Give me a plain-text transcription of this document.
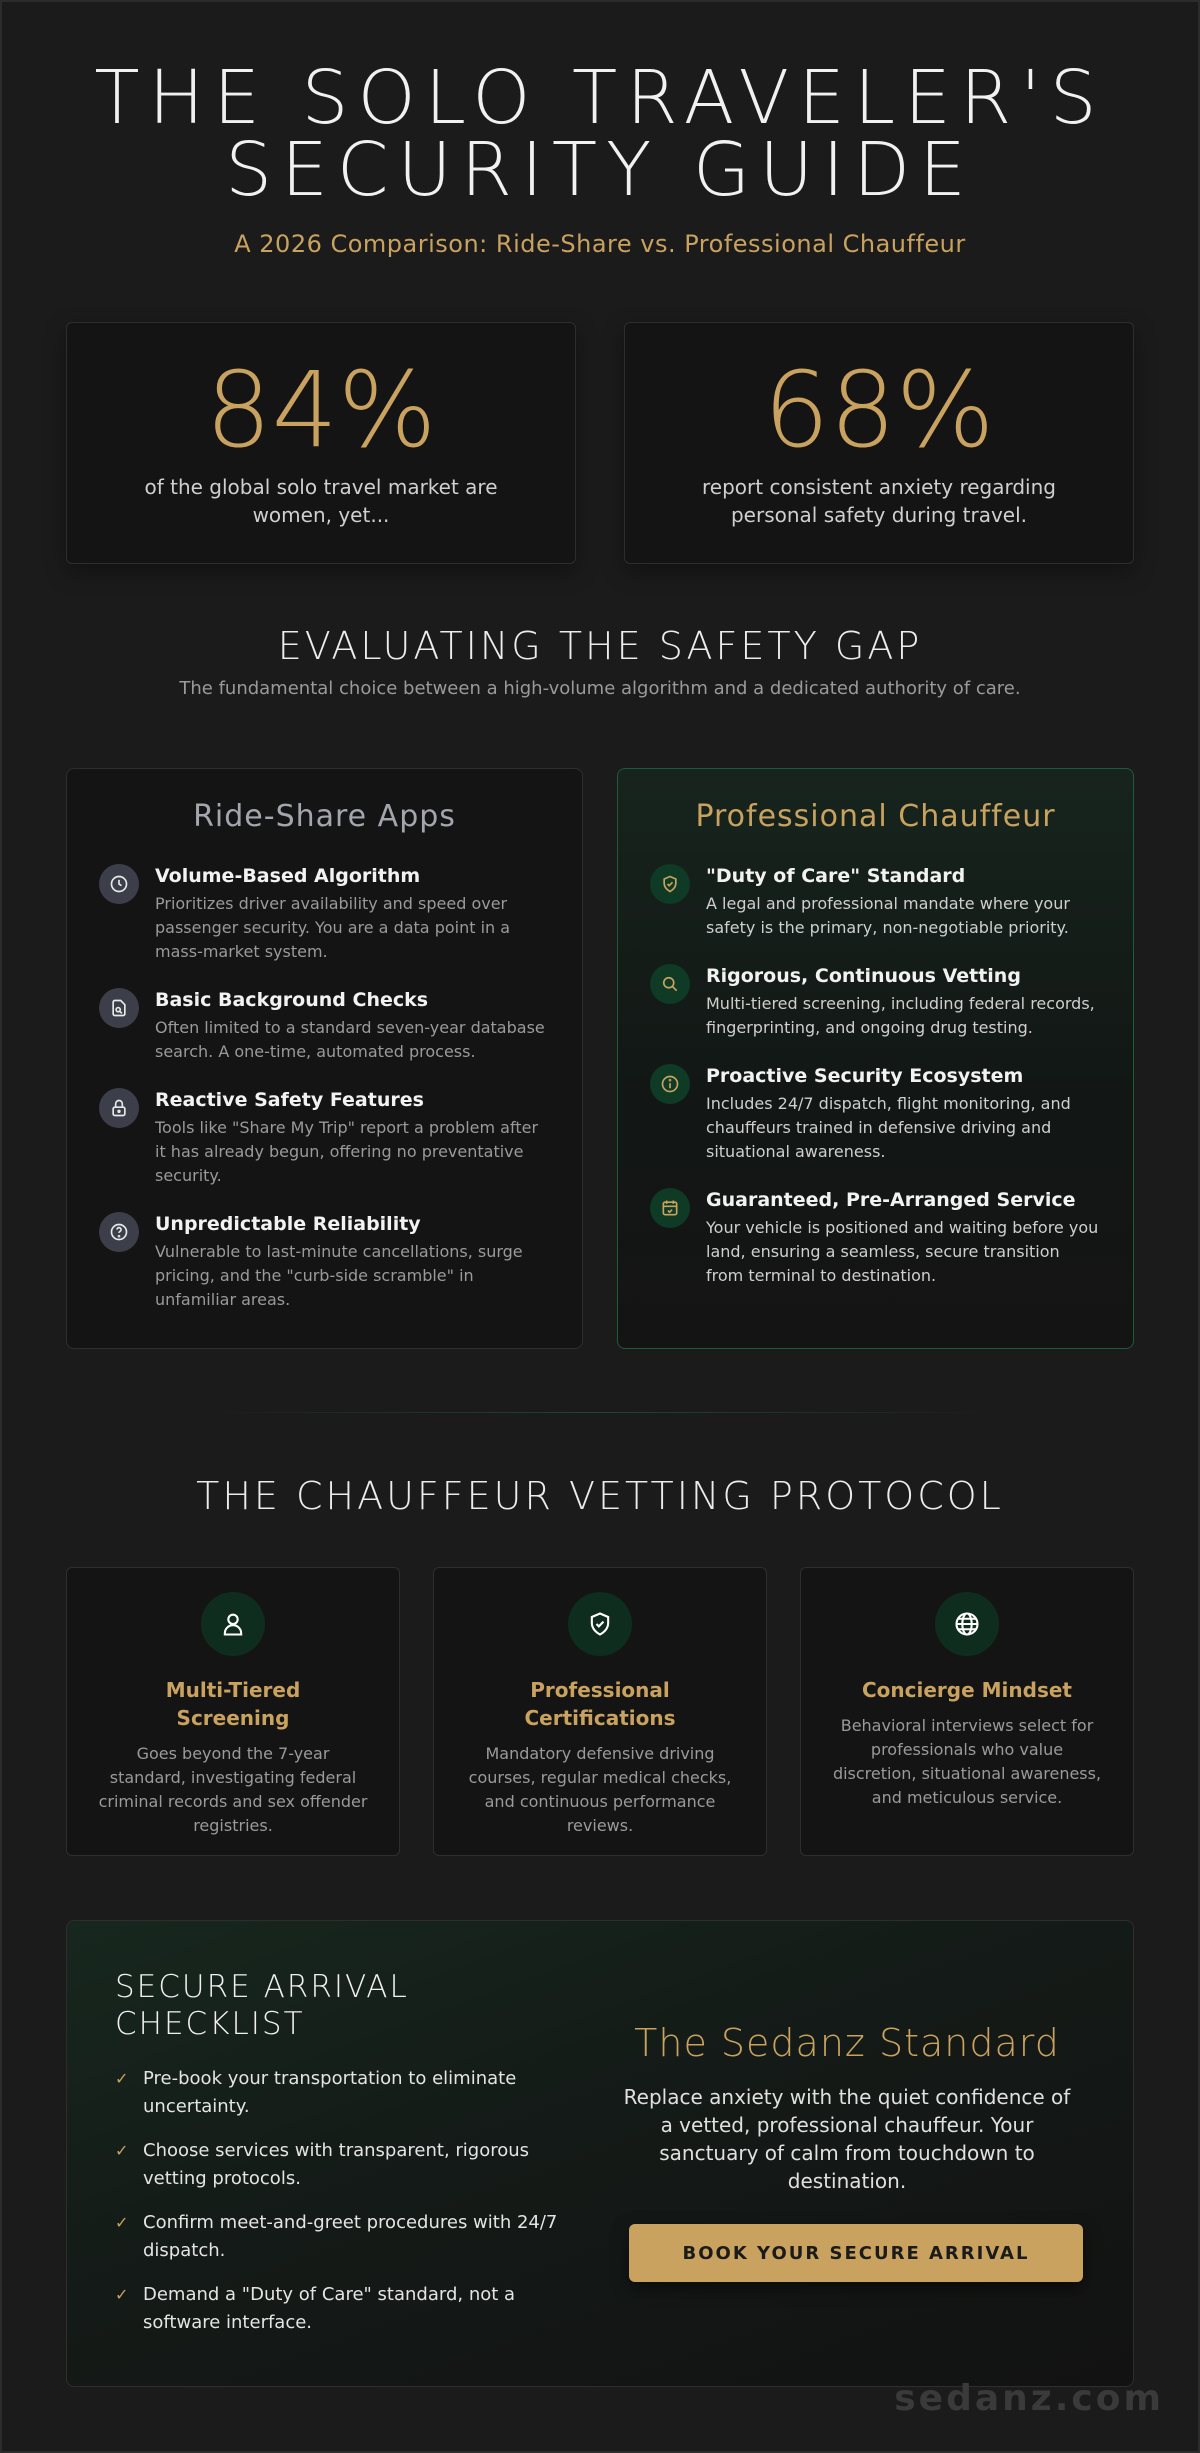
THE SOLO TRAVELER'S
SECURITY GUIDE
A 2026 Comparison: Ride-Share vs. Professional Chauffeur
84%
of the global solo travel market are women, yet...
68%
report consistent anxiety regarding personal safety during travel.
EVALUATING THE SAFETY GAP
The fundamental choice between a high-volume algorithm and a dedicated authority of care.
Ride-Share Apps
Volume-Based Algorithm
Prioritizes driver availability and speed over passenger security. You are a data point in a mass-market system.
Basic Background Checks
Often limited to a standard seven-year database search. A one-time, automated process.
Reactive Safety Features
Tools like "Share My Trip" report a problem after it has already begun, offering no preventative security.
Unpredictable Reliability
Vulnerable to last-minute cancellations, surge pricing, and the "curb-side scramble" in unfamiliar areas.
Professional Chauffeur
"Duty of Care" Standard
A legal and professional mandate where your safety is the primary, non-negotiable priority.
Rigorous, Continuous Vetting
Multi-tiered screening, including federal records, fingerprinting, and ongoing drug testing.
Proactive Security Ecosystem
Includes 24/7 dispatch, flight monitoring, and chauffeurs trained in defensive driving and situational awareness.
Guaranteed, Pre-Arranged Service
Your vehicle is positioned and waiting before you land, ensuring a seamless, secure transition from terminal to destination.
THE CHAUFFEUR VETTING PROTOCOL
Multi-Tiered Screening
Goes beyond the 7-year standard, investigating federal criminal records and sex offender registries.
Professional Certifications
Mandatory defensive driving courses, regular medical checks, and continuous performance reviews.
Concierge Mindset
Behavioral interviews select for professionals who value discretion, situational awareness, and meticulous service.
SECURE ARRIVAL CHECKLIST
✓ Pre-book your transportation to eliminate uncertainty.
✓ Choose services with transparent, rigorous vetting protocols.
✓ Confirm meet-and-greet procedures with 24/7 dispatch.
✓ Demand a "Duty of Care" standard, not a software interface.
The Sedanz Standard
Replace anxiety with the quiet confidence of a vetted, professional chauffeur. Your sanctuary of calm from touchdown to destination.
BOOK YOUR SECURE ARRIVAL
sedanz.com
